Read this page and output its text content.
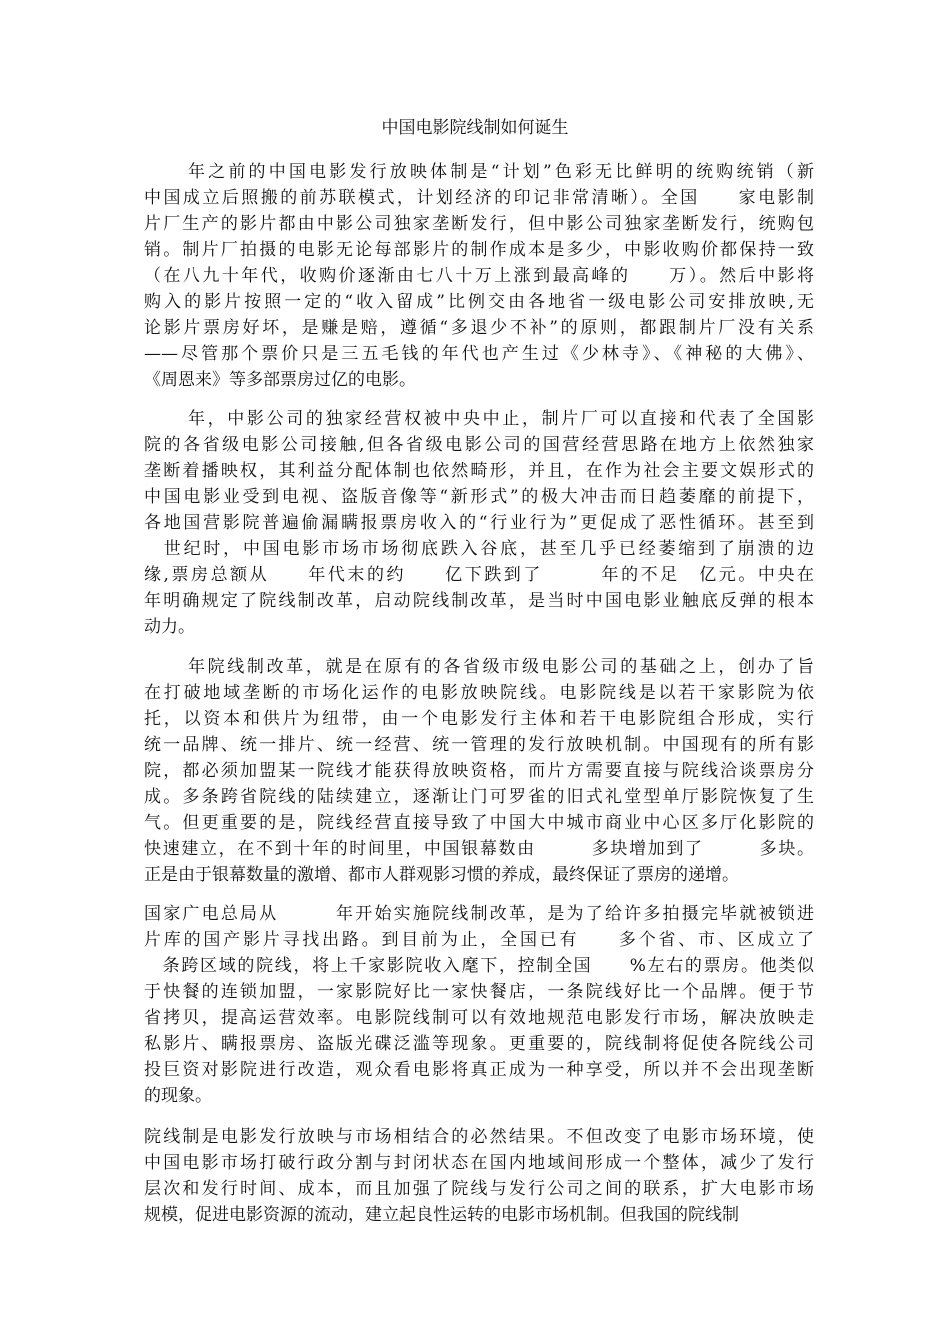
中国电影院线制如何诞生
年之前的中国电影发行放映体制是“计划”色彩无比鲜明的统购统销（新
中国成立后照搬的前苏联模式，计划经济的印记非常清晰）。全国　　家电影制
片厂生产的影片都由中影公司独家垄断发行，但中影公司独家垄断发行，统购包
销。制片厂拍摄的电影无论每部影片的制作成本是多少，中影收购价都保持一致
（在八九十年代，收购价逐渐由七八十万上涨到最高峰的　　万）。然后中影将
购入的影片按照一定的“收入留成”比例交由各地省一级电影公司安排放映,无
论影片票房好坏，是赚是赔，遵循“多退少不补”的原则，都跟制片厂没有关系
——尽管那个票价只是三五毛钱的年代也产生过《少林寺》、《神秘的大佛》、
《周恩来》等多部票房过亿的电影。
年，中影公司的独家经营权被中央中止，制片厂可以直接和代表了全国影
院的各省级电影公司接触,但各省级电影公司的国营经营思路在地方上依然独家
垄断着播映权，其利益分配体制也依然畸形，并且，在作为社会主要文娱形式的
中国电影业受到电视、盗版音像等“新形式”的极大冲击而日趋萎靡的前提下，
各地国营影院普遍偷漏瞒报票房收入的“行业行为”更促成了恶性循环。甚至到
　世纪时，中国电影市场市场彻底跌入谷底，甚至几乎已经萎缩到了崩溃的边
缘,票房总额从　　年代末的约　　亿下跌到了　　　年的不足　亿元。中央在
年明确规定了院线制改革，启动院线制改革，是当时中国电影业触底反弹的根本
动力。
年院线制改革，就是在原有的各省级市级电影公司的基础之上，创办了旨
在打破地域垄断的市场化运作的电影放映院线。电影院线是以若干家影院为依
托，以资本和供片为纽带，由一个电影发行主体和若干电影院组合形成，实行
统一品牌、统一排片、统一经营、统一管理的发行放映机制。中国现有的所有影
院，都必须加盟某一院线才能获得放映资格，而片方需要直接与院线洽谈票房分
成。多条跨省院线的陆续建立，逐渐让门可罗雀的旧式礼堂型单厅影院恢复了生
气。但更重要的是，院线经营直接导致了中国大中城市商业中心区多厅化影院的
快速建立，在不到十年的时间里，中国银幕数由　　　多块增加到了　　　多块。
正是由于银幕数量的激增、都市人群观影习惯的养成，最终保证了票房的递增。
国家广电总局从　　　年开始实施院线制改革，是为了给许多拍摄完毕就被锁进
片库的国产影片寻找出路。到目前为止，全国已有　　多个省、市、区成立了
　条跨区域的院线，将上千家影院收入麾下，控制全国　　%左右的票房。他类似
于快餐的连锁加盟，一家影院好比一家快餐店，一条院线好比一个品牌。便于节
省拷贝，提高运营效率。电影院线制可以有效地规范电影发行市场，解决放映走
私影片、瞒报票房、盗版光碟泛滥等现象。更重要的，院线制将促使各院线公司
投巨资对影院进行改造，观众看电影将真正成为一种享受，所以并不会出现垄断
的现象。
院线制是电影发行放映与市场相结合的必然结果。不但改变了电影市场环境，使
中国电影市场打破行政分割与封闭状态在国内地域间形成一个整体，减少了发行
层次和发行时间、成本，而且加强了院线与发行公司之间的联系，扩大电影市场
规模，促进电影资源的流动，建立起良性运转的电影市场机制。但我国的院线制
